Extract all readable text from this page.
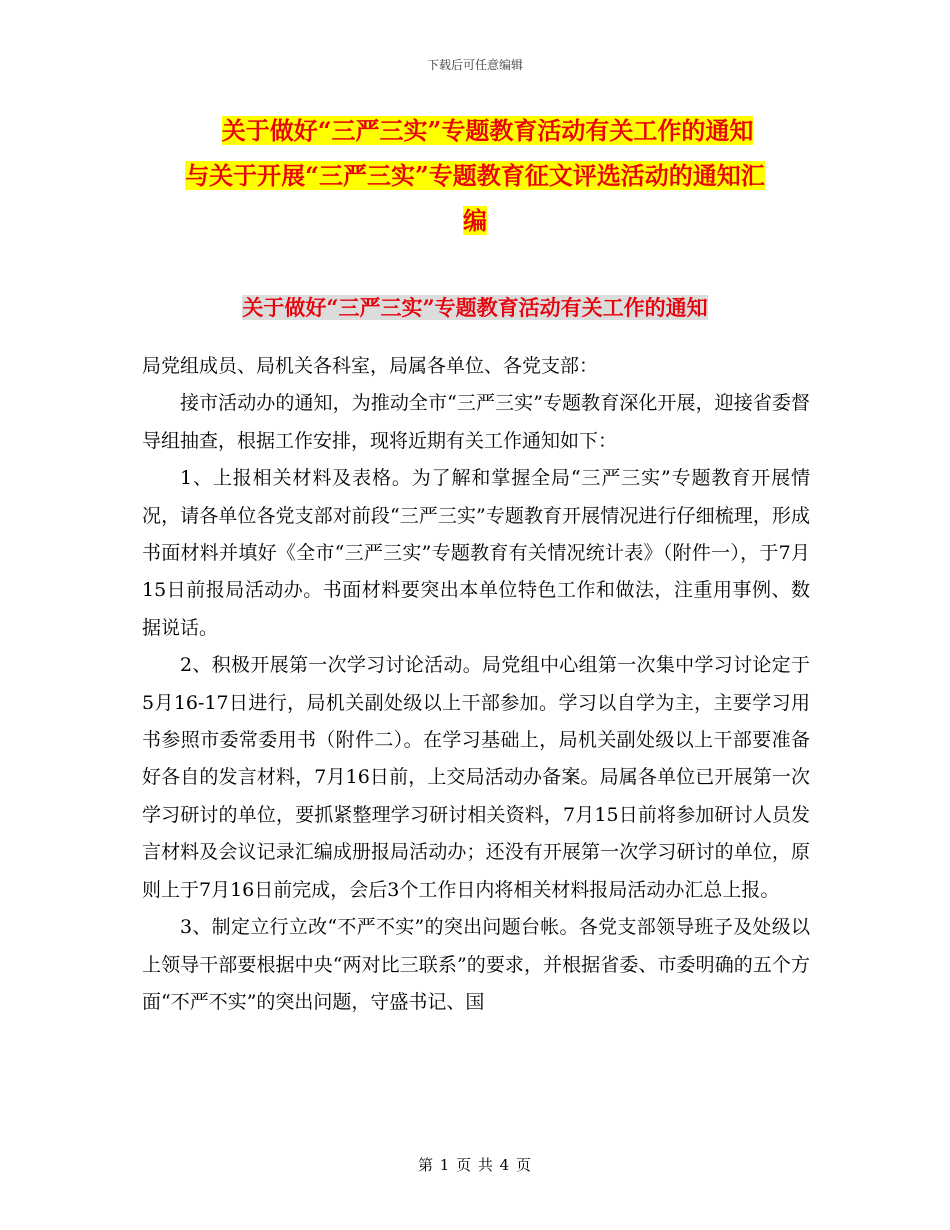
下载后可任意编辑
关于做好“三严三实”专题教育活动有关工作的通知
与关于开展“三严三实”专题教育征文评选活动的通知汇
编
关于做好“三严三实”专题教育活动有关工作的通知

局党组成员、局机关各科室，局属各单位、各党支部：

接市活动办的通知，为推动全市“三严三实”专题教育深化开展，迎接省委督导组抽查，根据工作安排，现将近期有关工作通知如下：

1、上报相关材料及表格。为了解和掌握全局“三严三实”专题教育开展情况，请各单位各党支部对前段“三严三实”专题教育开展情况进行仔细梳理，形成书面材料并填好《全市“三严三实”专题教育有关情况统计表》（附件一），于7月15日前报局活动办。书面材料要突出本单位特色工作和做法，注重用事例、数据说话。

2、积极开展第一次学习讨论活动。局党组中心组第一次集中学习讨论定于5月16-17日进行，局机关副处级以上干部参加。学习以自学为主，主要学习用书参照市委常委用书（附件二）。在学习基础上，局机关副处级以上干部要准备好各自的发言材料，7月16日前，上交局活动办备案。局属各单位已开展第一次学习研讨的单位，要抓紧整理学习研讨相关资料，7月15日前将参加研讨人员发言材料及会议记录汇编成册报局活动办；还没有开展第一次学习研讨的单位，原则上于7月16日前完成，会后3个工作日内将相关材料报局活动办汇总上报。

3、制定立行立改“不严不实”的突出问题台帐。各党支部领导班子及处级以上领导干部要根据中央“两对比三联系”的要求，并根据省委、市委明确的五个方面“不严不实”的突出问题，守盛书记、国

第 1 页 共 4 页
